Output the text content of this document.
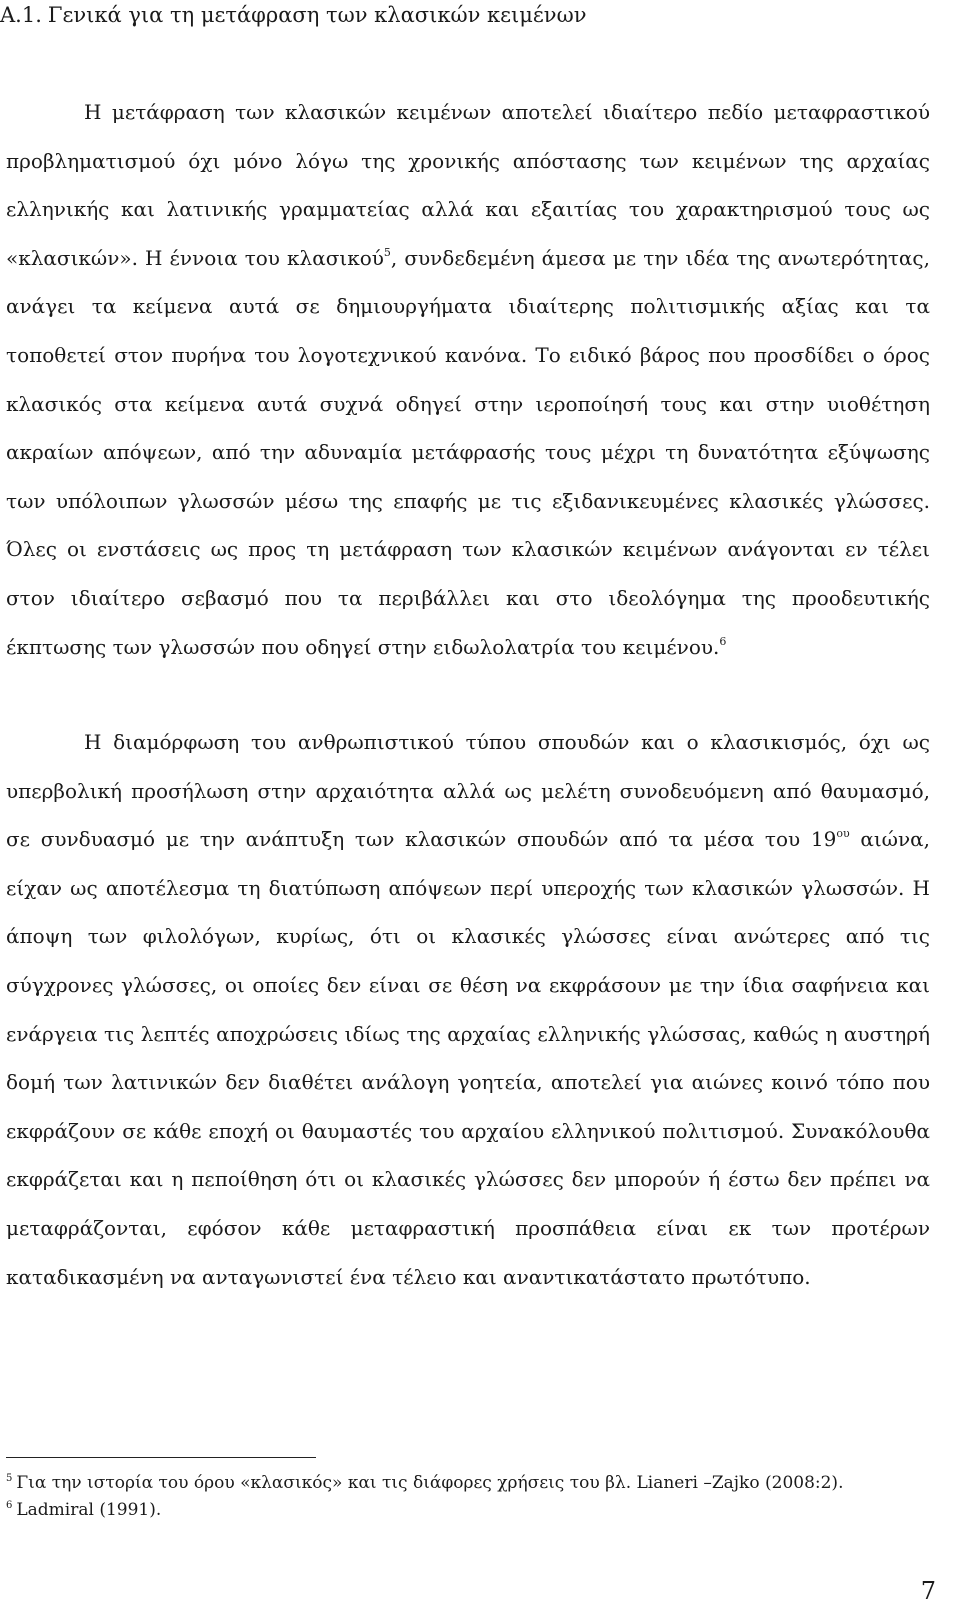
A.1. Γενικά για τη μετάφραση των κλασικών κειμένων

Η μετάφραση των κλασικών κειμένων αποτελεί ιδιαίτερο πεδίο μεταφραστικού προβληματισμού όχι μόνο λόγω της χρονικής απόστασης των κειμένων της αρχαίας ελληνικής και λατινικής γραμματείας αλλά και εξαιτίας του χαρακτηρισμού τους ως «κλασικών». Η έννοια του κλασικού$^5$, συνδεδεμένη άμεσα με την ιδέα της ανωτερότητας, ανάγει τα κείμενα αυτά σε δημιουργήματα ιδιαίτερης πολιτισμικής αξίας και τα τοποθετεί στον πυρήνα του λογοτεχνικού κανόνα. Το ειδικό βάρος που προσδίδει ο όρος κλασικός στα κείμενα αυτά συχνά οδηγεί στην ιεροποίησή τους και στην υιοθέτηση ακραίων απόψεων, από την αδυναμία μετάφρασής τους μέχρι τη δυνατότητα εξύψωσης των υπόλοιπων γλωσσών μέσω της επαφής με τις εξιδανικευμένες κλασικές γλώσσες. Όλες οι ενστάσεις ως προς τη μετάφραση των κλασικών κειμένων ανάγονται εν τέλει στον ιδιαίτερο σεβασμό που τα περιβάλλει και στο ιδεολόγημα της προοδευτικής έκπτωσης των γλωσσών που οδηγεί στην ειδωλολατρία του κειμένου.$^6$

Η διαμόρφωση του ανθρωπιστικού τύπου σπουδών και ο κλασικισμός, όχι ως υπερβολική προσήλωση στην αρχαιότητα αλλά ως μελέτη συνοδευόμενη από θαυμασμό, σε συνδυασμό με την ανάπτυξη των κλασικών σπουδών από τα μέσα του $19^{o\upsilon}$ αιώνα, είχαν ως αποτέλεσμα τη διατύπωση απόψεων περί υπεροχής των κλασικών γλωσσών. Η άποψη των φιλολόγων, κυρίως, ότι οι κλασικές γλώσσες είναι ανώτερες από τις σύγχρονες γλώσσες, οι οποίες δεν είναι σε θέση να εκφράσουν με την ίδια σαφήνεια και ενάργεια τις λεπτές αποχρώσεις ιδίως της αρχαίας ελληνικής γλώσσας, καθώς η αυστηρή δομή των λατινικών δεν διαθέτει ανάλογη γοητεία, αποτελεί για αιώνες κοινό τόπο που εκφράζουν σε κάθε εποχή οι θαυμαστές του αρχαίου ελληνικού πολιτισμού. Συνακόλουθα εκφράζεται και η πεποίθηση ότι οι κλασικές γλώσσες δεν μπορούν ή έστω δεν πρέπει να μεταφράζονται, εφόσον κάθε μεταφραστική προσπάθεια είναι εκ των προτέρων καταδικασμένη να ανταγωνιστεί ένα τέλειο και αναντικατάστατο πρωτότυπο.

$^5$ Για την ιστορία του όρου «κλασικός» και τις διάφορες χρήσεις του βλ. Lianeri –Zajko (2008:2).

$^6$ Ladmiral (1991).

7
